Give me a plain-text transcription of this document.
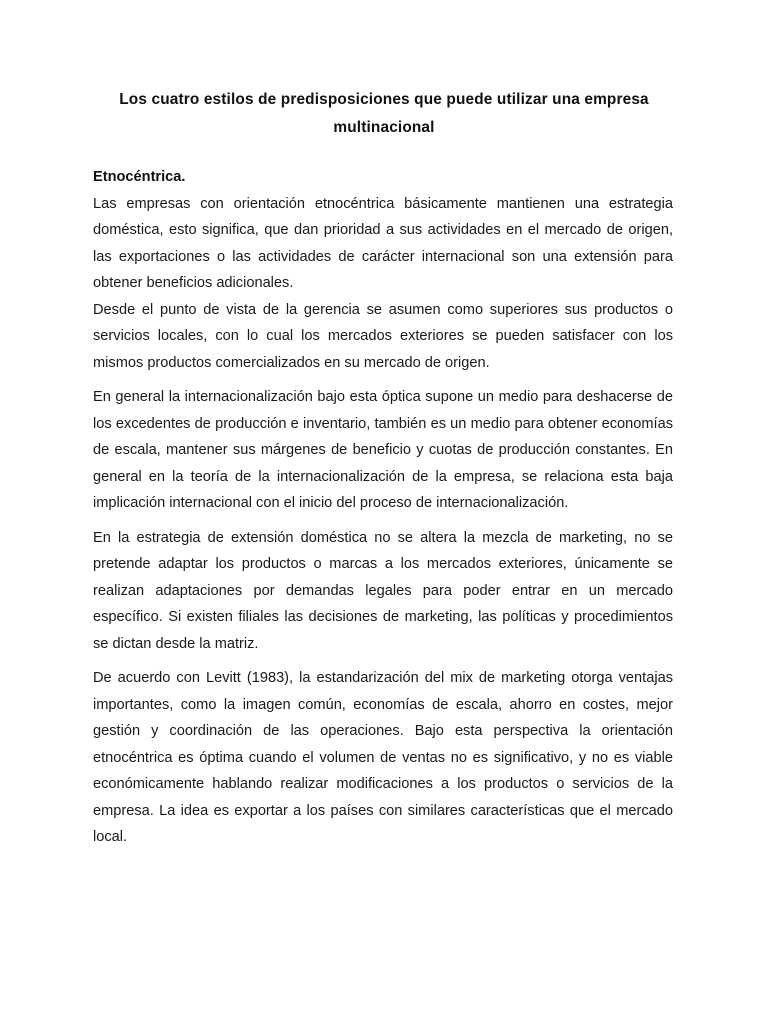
Los cuatro estilos de predisposiciones que puede utilizar una empresa multinacional
Etnocéntrica.

Las empresas con orientación etnocéntrica básicamente mantienen una estrategia doméstica, esto significa, que dan prioridad a sus actividades en el mercado de origen, las exportaciones o las actividades de carácter internacional son una extensión para obtener beneficios adicionales.

Desde el punto de vista de la gerencia se asumen como superiores sus productos o servicios locales, con lo cual los mercados exteriores se pueden satisfacer con los mismos productos comercializados en su mercado de origen.

En general la internacionalización bajo esta óptica supone un medio para deshacerse de los excedentes de producción e inventario, también es un medio para obtener economías de escala, mantener sus márgenes de beneficio y cuotas de producción constantes. En general en la teoría de la internacionalización de la empresa, se relaciona esta baja implicación internacional con el inicio del proceso de internacionalización.

En la estrategia de extensión doméstica no se altera la mezcla de marketing, no se pretende adaptar los productos o marcas a los mercados exteriores, únicamente se realizan adaptaciones por demandas legales para poder entrar en un mercado específico. Si existen filiales las decisiones de marketing, las políticas y procedimientos se dictan desde la matriz.

De acuerdo con Levitt (1983), la estandarización del mix de marketing otorga ventajas importantes, como la imagen común, economías de escala, ahorro en costes, mejor gestión y coordinación de las operaciones. Bajo esta perspectiva la orientación etnocéntrica es óptima cuando el volumen de ventas no es significativo, y no es viable económicamente hablando realizar modificaciones a los productos o servicios de la empresa. La idea es exportar a los países con similares características que el mercado local.
